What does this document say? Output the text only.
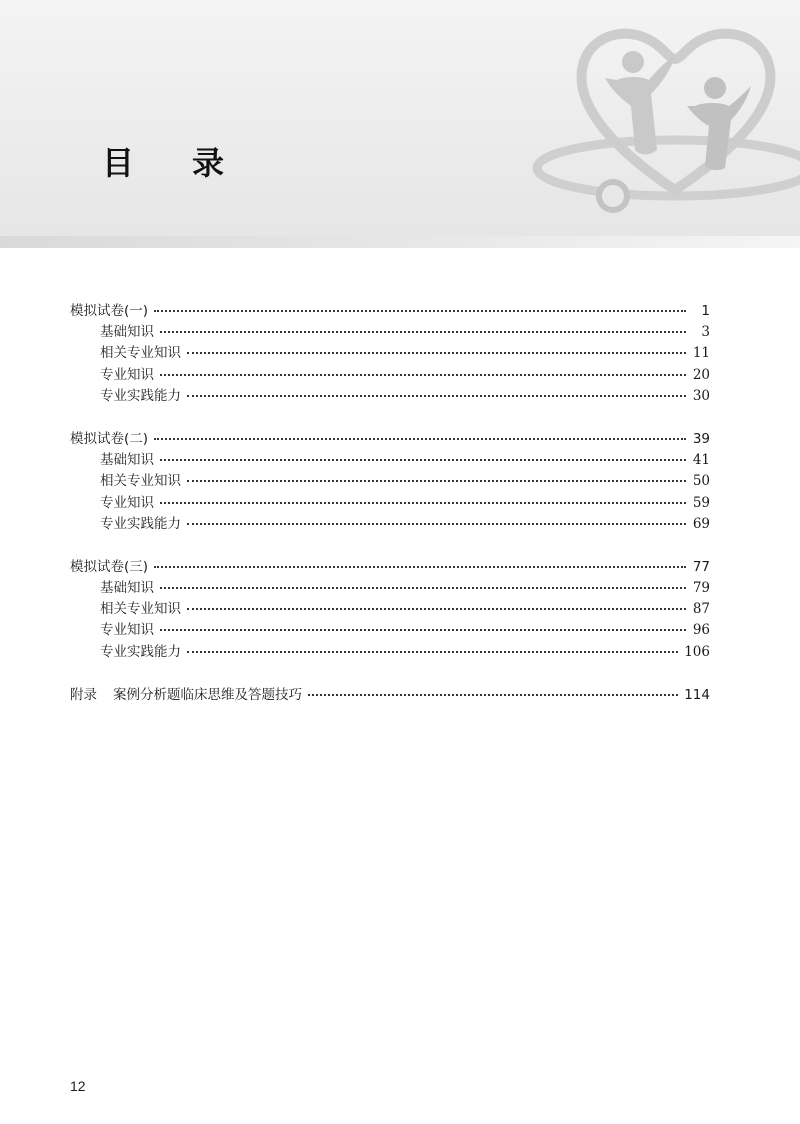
目录
模拟试卷(一)	1
基础知识	3
相关专业知识	11
专业知识	20
专业实践能力	30
模拟试卷(二)	39
基础知识	41
相关专业知识	50
专业知识	59
专业实践能力	69
模拟试卷(三)	77
基础知识	79
相关专业知识	87
专业知识	96
专业实践能力	106
附录 案例分析题临床思维及答题技巧	114
12
